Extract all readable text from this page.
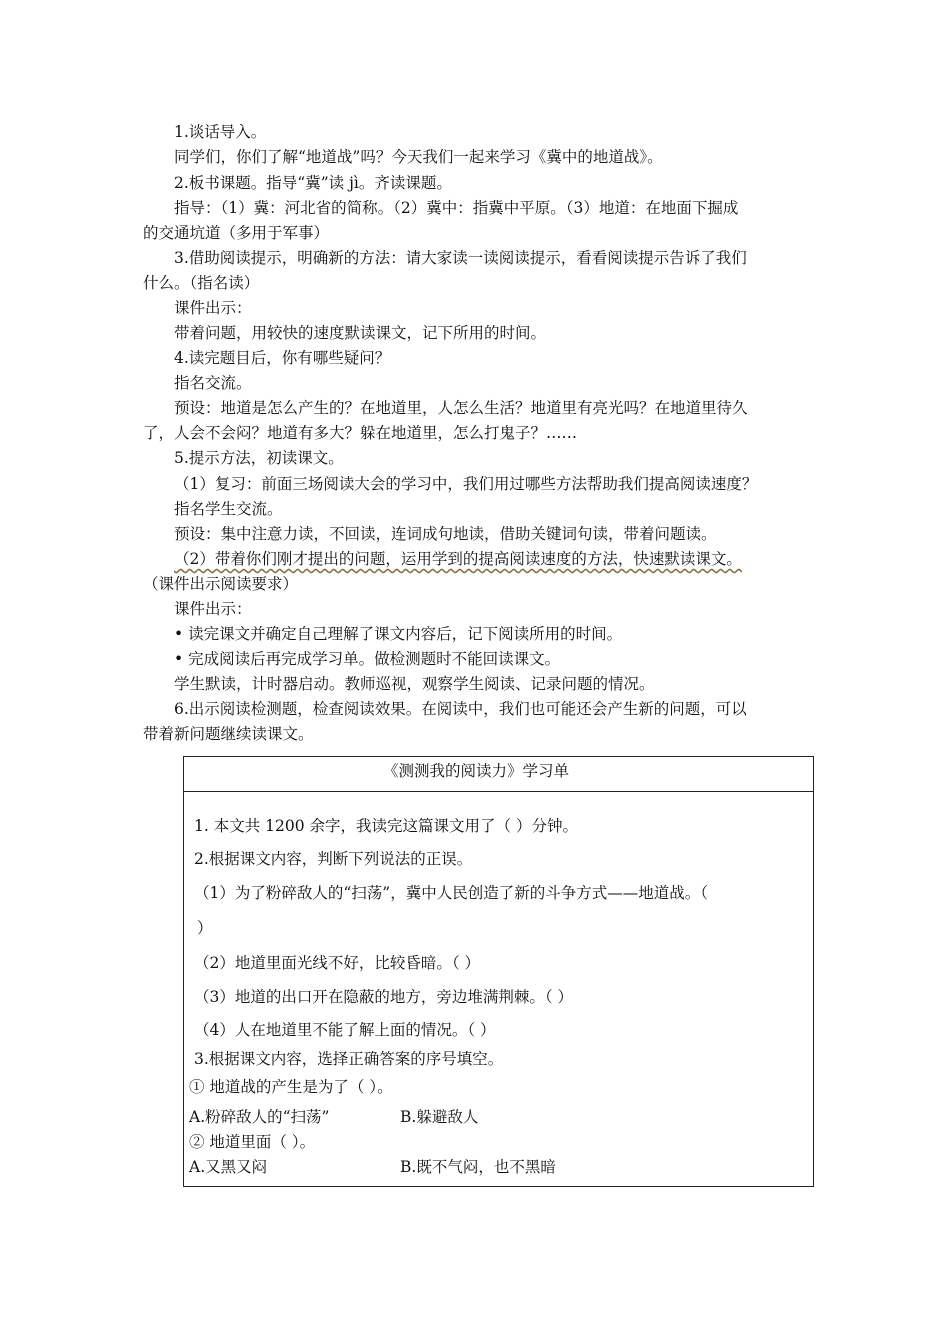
1.谈话导入。
同学们，你们了解“地道战”吗？今天我们一起来学习《冀中的地道战》。
2.板书课题。指导“冀”读 jì。齐读课题。
指导：（1）冀：河北省的简称。（2）冀中：指冀中平原。（3）地道：在地面下掘成
的交通坑道（多用于军事）
3.借助阅读提示，明确新的方法：请大家读一读阅读提示，看看阅读提示告诉了我们
什么。（指名读）
课件出示：
带着问题，用较快的速度默读课文，记下所用的时间。
4.读完题目后，你有哪些疑问？
指名交流。
预设：地道是怎么产生的？在地道里，人怎么生活？地道里有亮光吗？在地道里待久
了，人会不会闷？地道有多大？躲在地道里，怎么打鬼子？……
5.提示方法，初读课文。
（1）复习：前面三场阅读大会的学习中，我们用过哪些方法帮助我们提高阅读速度？
指名学生交流。
预设：集中注意力读，不回读，连词成句地读，借助关键词句读，带着问题读。
（2）带着你们刚才提出的问题，运用学到的提高阅读速度的方法，快速默读课文。
（课件出示阅读要求）
课件出示：
• 读完课文并确定自己理解了课文内容后，记下阅读所用的时间。
• 完成阅读后再完成学习单。做检测题时不能回读课文。
学生默读，计时器启动。教师巡视，观察学生阅读、记录问题的情况。
6.出示阅读检测题，检查阅读效果。在阅读中，我们也可能还会产生新的问题，可以
带着新问题继续读课文。
《测测我的阅读力》学习单
1. 本文共 1200 余字，我读完这篇课文用了（ ）分钟。
2.根据课文内容，判断下列说法的正误。
（1）为了粉碎敌人的“扫荡”，冀中人民创造了新的斗争方式——地道战。（
）
（2）地道里面光线不好，比较昏暗。（ ）
（3）地道的出口开在隐蔽的地方，旁边堆满荆棘。（ ）
（4）人在地道里不能了解上面的情况。（ ）
3.根据课文内容，选择正确答案的序号填空。
① 地道战的产生是为了（ ）。
A.粉碎敌人的“扫荡”	B.躲避敌人
② 地道里面（ ）。
A.又黑又闷	B.既不气闷，也不黑暗
